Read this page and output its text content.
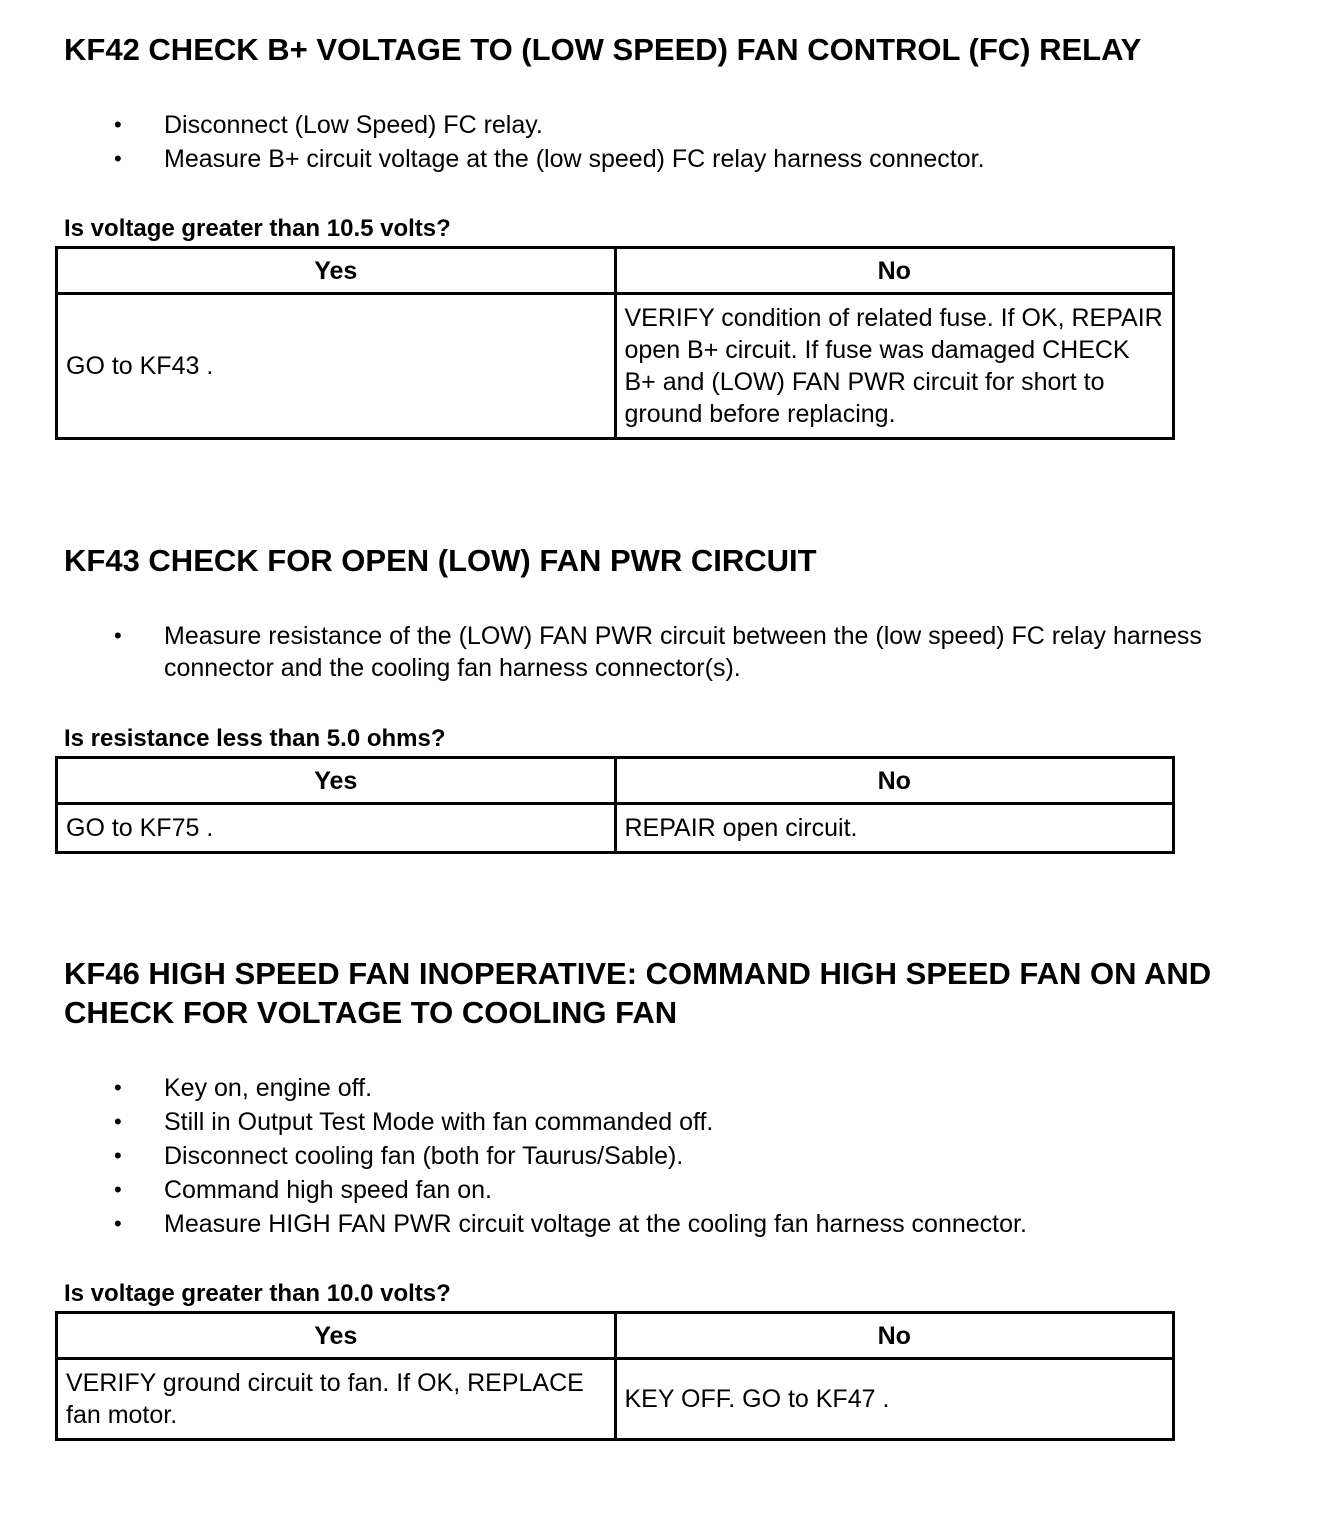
KF42 CHECK B+ VOLTAGE TO (LOW SPEED) FAN CONTROL (FC) RELAY
• Disconnect (Low Speed) FC relay.
• Measure B+ circuit voltage at the (low speed) FC relay harness connector.

Is voltage greater than 10.5 volts?

Yes	No
GO to KF43 .	VERIFY condition of related fuse. If OK, REPAIR open B+ circuit. If fuse was damaged CHECK B+ and (LOW) FAN PWR circuit for short to ground before replacing.
KF43 CHECK FOR OPEN (LOW) FAN PWR CIRCUIT
• Measure resistance of the (LOW) FAN PWR circuit between the (low speed) FC relay harness connector and the cooling fan harness connector(s).

Is resistance less than 5.0 ohms?

Yes	No
GO to KF75 .	REPAIR open circuit.
KF46 HIGH SPEED FAN INOPERATIVE: COMMAND HIGH SPEED FAN ON AND CHECK FOR VOLTAGE TO COOLING FAN
• Key on, engine off.
• Still in Output Test Mode with fan commanded off.
• Disconnect cooling fan (both for Taurus/Sable).
• Command high speed fan on.
• Measure HIGH FAN PWR circuit voltage at the cooling fan harness connector.

Is voltage greater than 10.0 volts?

Yes	No
VERIFY ground circuit to fan. If OK, REPLACE fan motor.	KEY OFF. GO to KF47 .
